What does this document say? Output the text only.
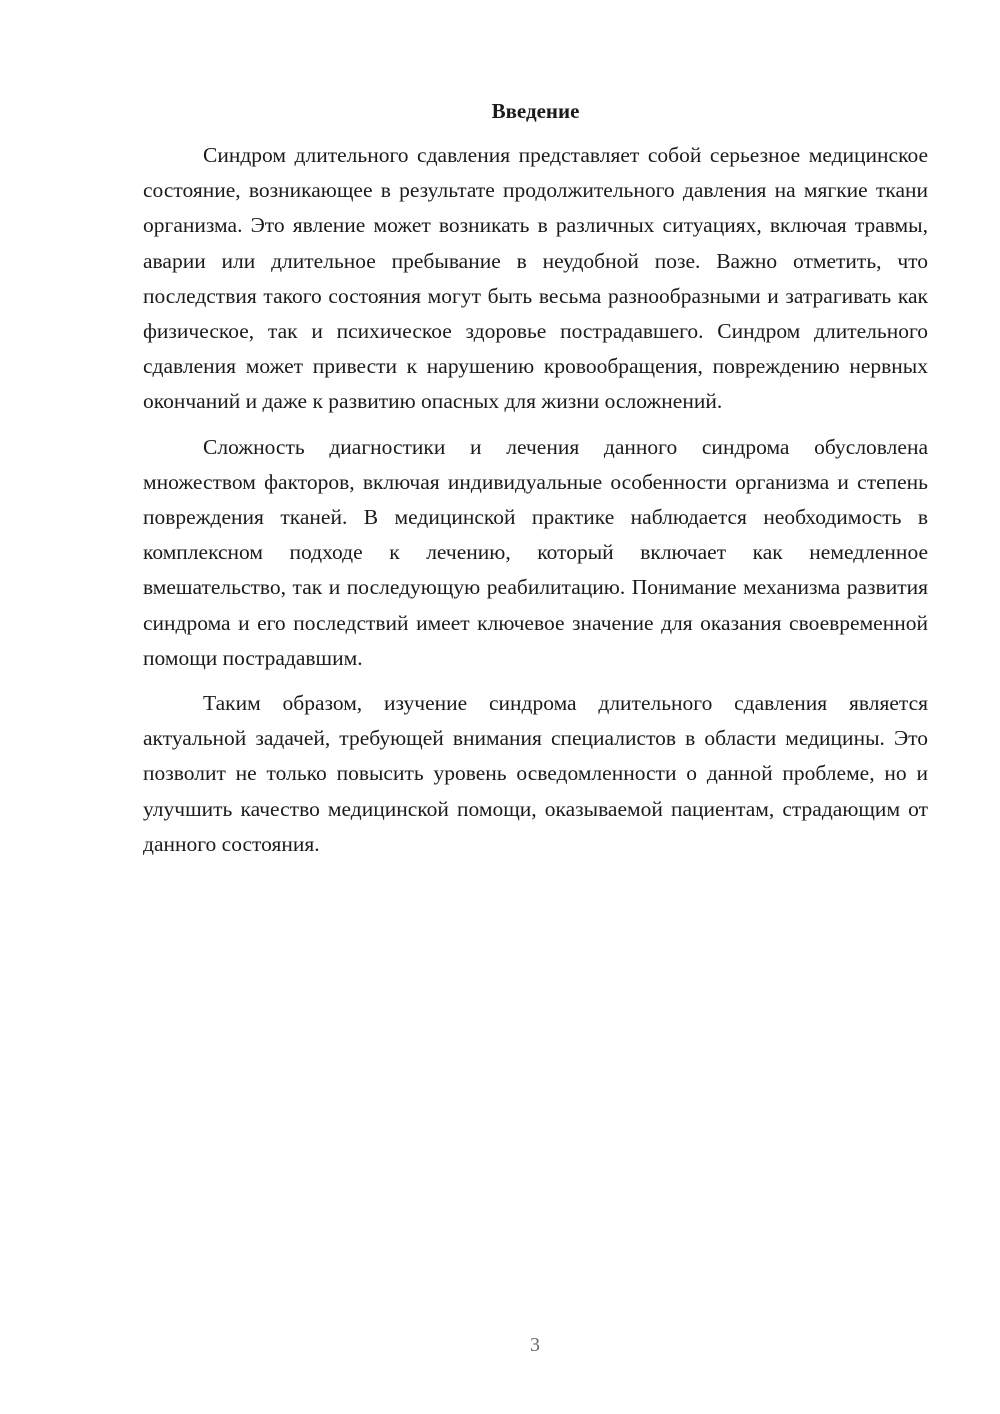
Введение

Синдром длительного сдавления представляет собой серьезное медицинское состояние, возникающее в результате продолжительного давления на мягкие ткани организма. Это явление может возникать в различных ситуациях, включая травмы, аварии или длительное пребывание в неудобной позе. Важно отметить, что последствия такого состояния могут быть весьма разнообразными и затрагивать как физическое, так и психическое здоровье пострадавшего. Синдром длительного сдавления может привести к нарушению кровообращения, повреждению нервных окончаний и даже к развитию опасных для жизни осложнений.

Сложность диагностики и лечения данного синдрома обусловлена множеством факторов, включая индивидуальные особенности организма и степень повреждения тканей. В медицинской практике наблюдается необходимость в комплексном подходе к лечению, который включает как немедленное вмешательство, так и последующую реабилитацию. Понимание механизма развития синдрома и его последствий имеет ключевое значение для оказания своевременной помощи пострадавшим.

Таким образом, изучение синдрома длительного сдавления является актуальной задачей, требующей внимания специалистов в области медицины. Это позволит не только повысить уровень осведомленности о данной проблеме, но и улучшить качество медицинской помощи, оказываемой пациентам, страдающим от данного состояния.

3
